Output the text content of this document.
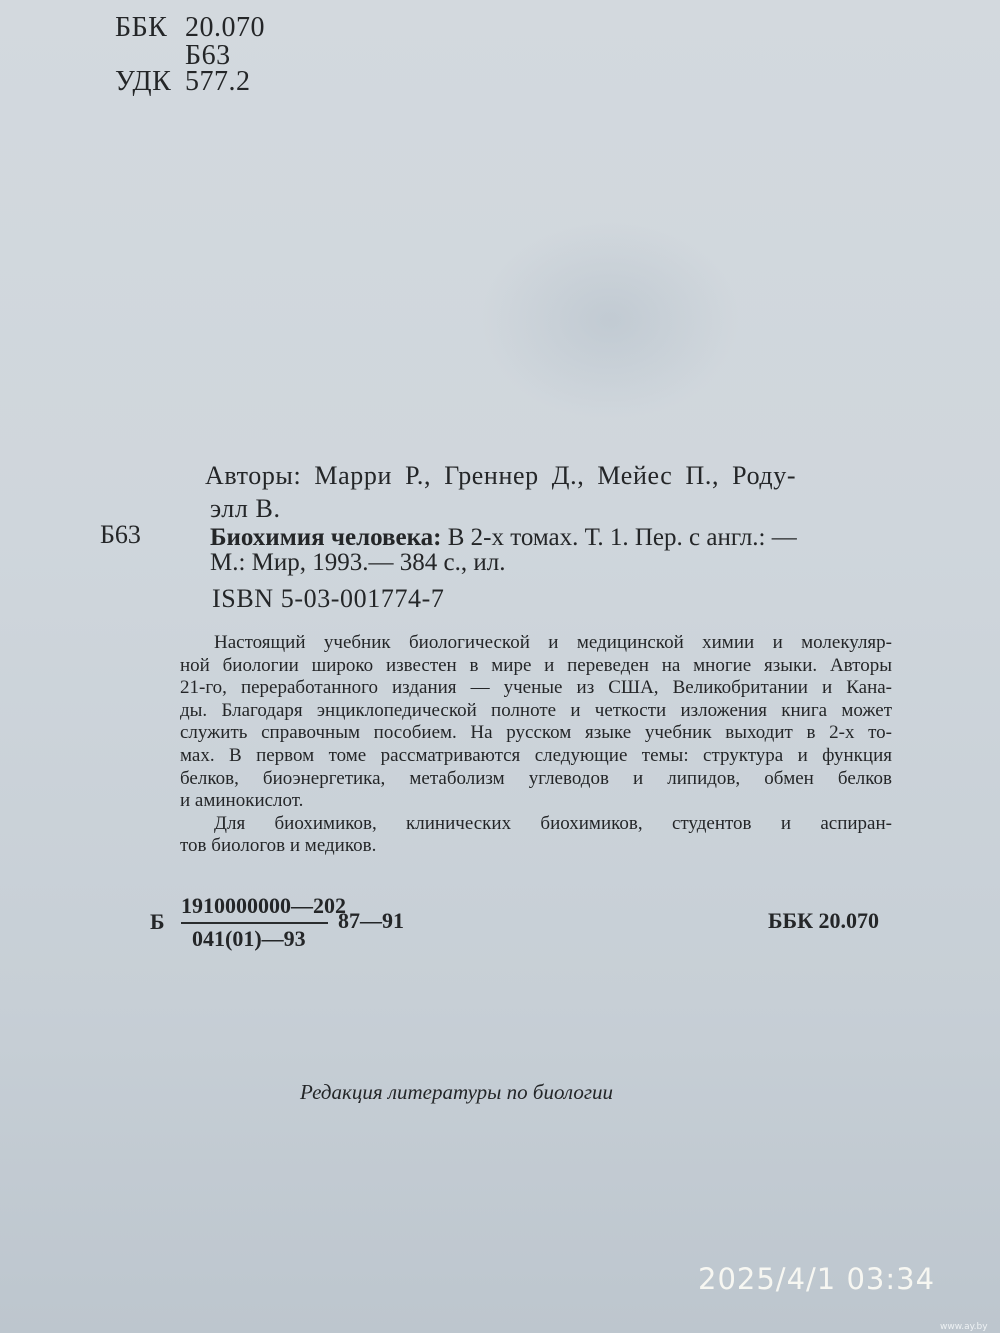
ББК 20.070
Б63
УДК 577.2
Авторы: Марри Р., Греннер Д., Мейес П., Роду-
элл В.
Б63	Биохимия человека: В 2-х томах. Т. 1. Пер. с англ.: —
М.: Мир, 1993.— 384 с., ил.
ISBN 5-03-001774-7
Настоящий учебник биологической и медицинской химии и молекуляр-
ной биологии широко известен в мире и переведен на многие языки. Авторы
21-го, переработанного издания — ученые из США, Великобритании и Кана-
ды. Благодаря энциклопедической полноте и четкости изложения книга может
служить справочным пособием. На русском языке учебник выходит в 2-х то-
мах. В первом томе рассматриваются следующие темы: структура и функция
белков, биоэнергетика, метаболизм углеводов и липидов, обмен белков
и аминокислот.
Для биохимиков, клинических биохимиков, студентов и аспиран-
тов биологов и медиков.
Б
1910000000—202
041(01)—93
87—91	ББК 20.070
Редакция литературы по биологии
2025/4/1 03:34
www.ay.by
